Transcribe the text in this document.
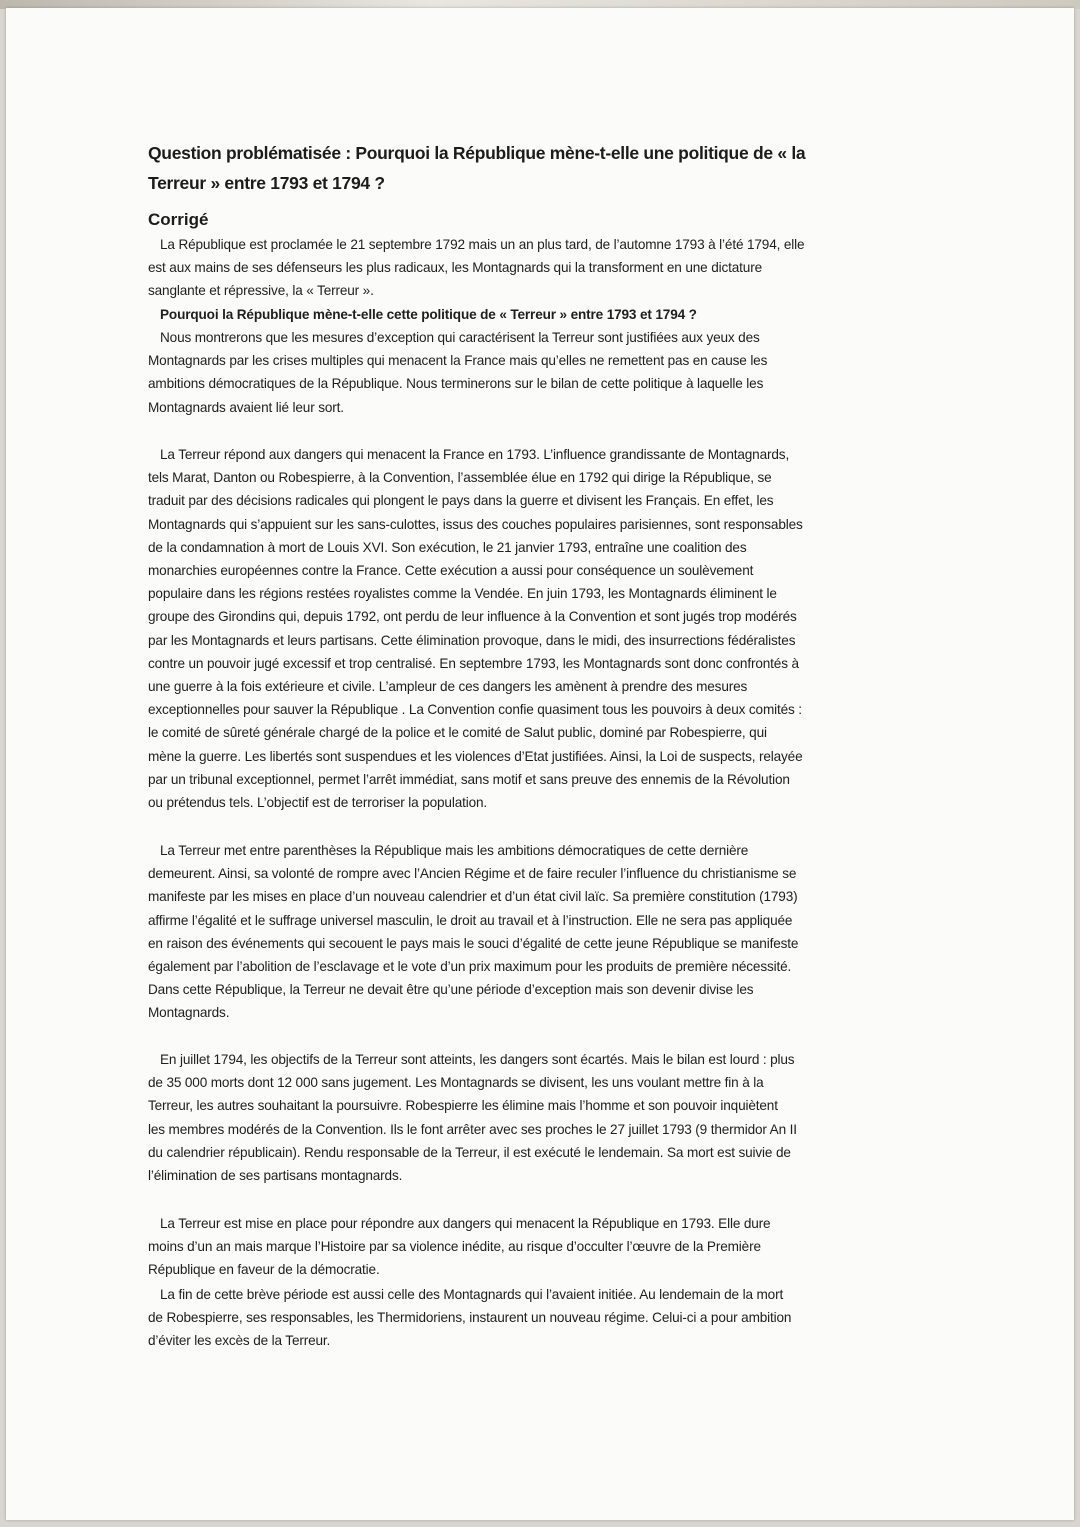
Question problématisée : Pourquoi la République mène-t-elle une politique de « la
Terreur » entre 1793 et 1794 ?
Corrigé
La République est proclamée le 21 septembre 1792 mais un an plus tard, de l’automne 1793 à l’été 1794, elle
est aux mains de ses défenseurs les plus radicaux, les Montagnards qui la transforment en une dictature
sanglante et répressive, la « Terreur ».
Pourquoi la République mène-t-elle cette politique de « Terreur » entre 1793 et 1794 ?
Nous montrerons que les mesures d’exception qui caractérisent la Terreur sont justifiées aux yeux des
Montagnards par les crises multiples qui menacent la France mais qu’elles ne remettent pas en cause les
ambitions démocratiques de la République. Nous terminerons sur le bilan de cette politique à laquelle les
Montagnards avaient lié leur sort.
La Terreur répond aux dangers qui menacent la France en 1793. L’influence grandissante de Montagnards,
tels Marat, Danton ou Robespierre, à la Convention, l’assemblée élue en 1792 qui dirige la République, se
traduit par des décisions radicales qui plongent le pays dans la guerre et divisent les Français. En effet, les
Montagnards qui s’appuient sur les sans-culottes, issus des couches populaires parisiennes, sont responsables
de la condamnation à mort de Louis XVI. Son exécution, le 21 janvier 1793, entraîne une coalition des
monarchies européennes contre la France. Cette exécution a aussi pour conséquence un soulèvement
populaire dans les régions restées royalistes comme la Vendée. En juin 1793, les Montagnards éliminent le
groupe des Girondins qui, depuis 1792, ont perdu de leur influence à la Convention et sont jugés trop modérés
par les Montagnards et leurs partisans. Cette élimination provoque, dans le midi, des insurrections fédéralistes
contre un pouvoir jugé excessif et trop centralisé. En septembre 1793, les Montagnards sont donc confrontés à
une guerre à la fois extérieure et civile. L’ampleur de ces dangers les amènent à prendre des mesures
exceptionnelles pour sauver la République . La Convention confie quasiment tous les pouvoirs à deux comités :
le comité de sûreté générale chargé de la police et le comité de Salut public, dominé par Robespierre, qui
mène la guerre. Les libertés sont suspendues et les violences d’Etat justifiées. Ainsi, la Loi de suspects, relayée
par un tribunal exceptionnel, permet l’arrêt immédiat, sans motif et sans preuve des ennemis de la Révolution
ou prétendus tels. L’objectif est de terroriser la population.
La Terreur met entre parenthèses la République mais les ambitions démocratiques de cette dernière
demeurent. Ainsi, sa volonté de rompre avec l’Ancien Régime et de faire reculer l’influence du christianisme se
manifeste par les mises en place d’un nouveau calendrier et d’un état civil laïc. Sa première constitution (1793)
affirme l’égalité et le suffrage universel masculin, le droit au travail et à l’instruction. Elle ne sera pas appliquée
en raison des événements qui secouent le pays mais le souci d’égalité de cette jeune République se manifeste
également par l’abolition de l’esclavage et le vote d’un prix maximum pour les produits de première nécessité.
Dans cette République, la Terreur ne devait être qu’une période d’exception mais son devenir divise les
Montagnards.
En juillet 1794, les objectifs de la Terreur sont atteints, les dangers sont écartés. Mais le bilan est lourd : plus
de 35 000 morts dont 12 000 sans jugement. Les Montagnards se divisent, les uns voulant mettre fin à la
Terreur, les autres souhaitant la poursuivre. Robespierre les élimine mais l’homme et son pouvoir inquiètent
les membres modérés de la Convention. Ils le font arrêter avec ses proches le 27 juillet 1793 (9 thermidor An II
du calendrier républicain). Rendu responsable de la Terreur, il est exécuté le lendemain. Sa mort est suivie de
l’élimination de ses partisans montagnards.
La Terreur est mise en place pour répondre aux dangers qui menacent la République en 1793. Elle dure
moins d’un an mais marque l’Histoire par sa violence inédite, au risque d’occulter l’œuvre de la Première
République en faveur de la démocratie.
La fin de cette brève période est aussi celle des Montagnards qui l’avaient initiée. Au lendemain de la mort
de Robespierre, ses responsables, les Thermidoriens, instaurent un nouveau régime. Celui-ci a pour ambition
d’éviter les excès de la Terreur.
